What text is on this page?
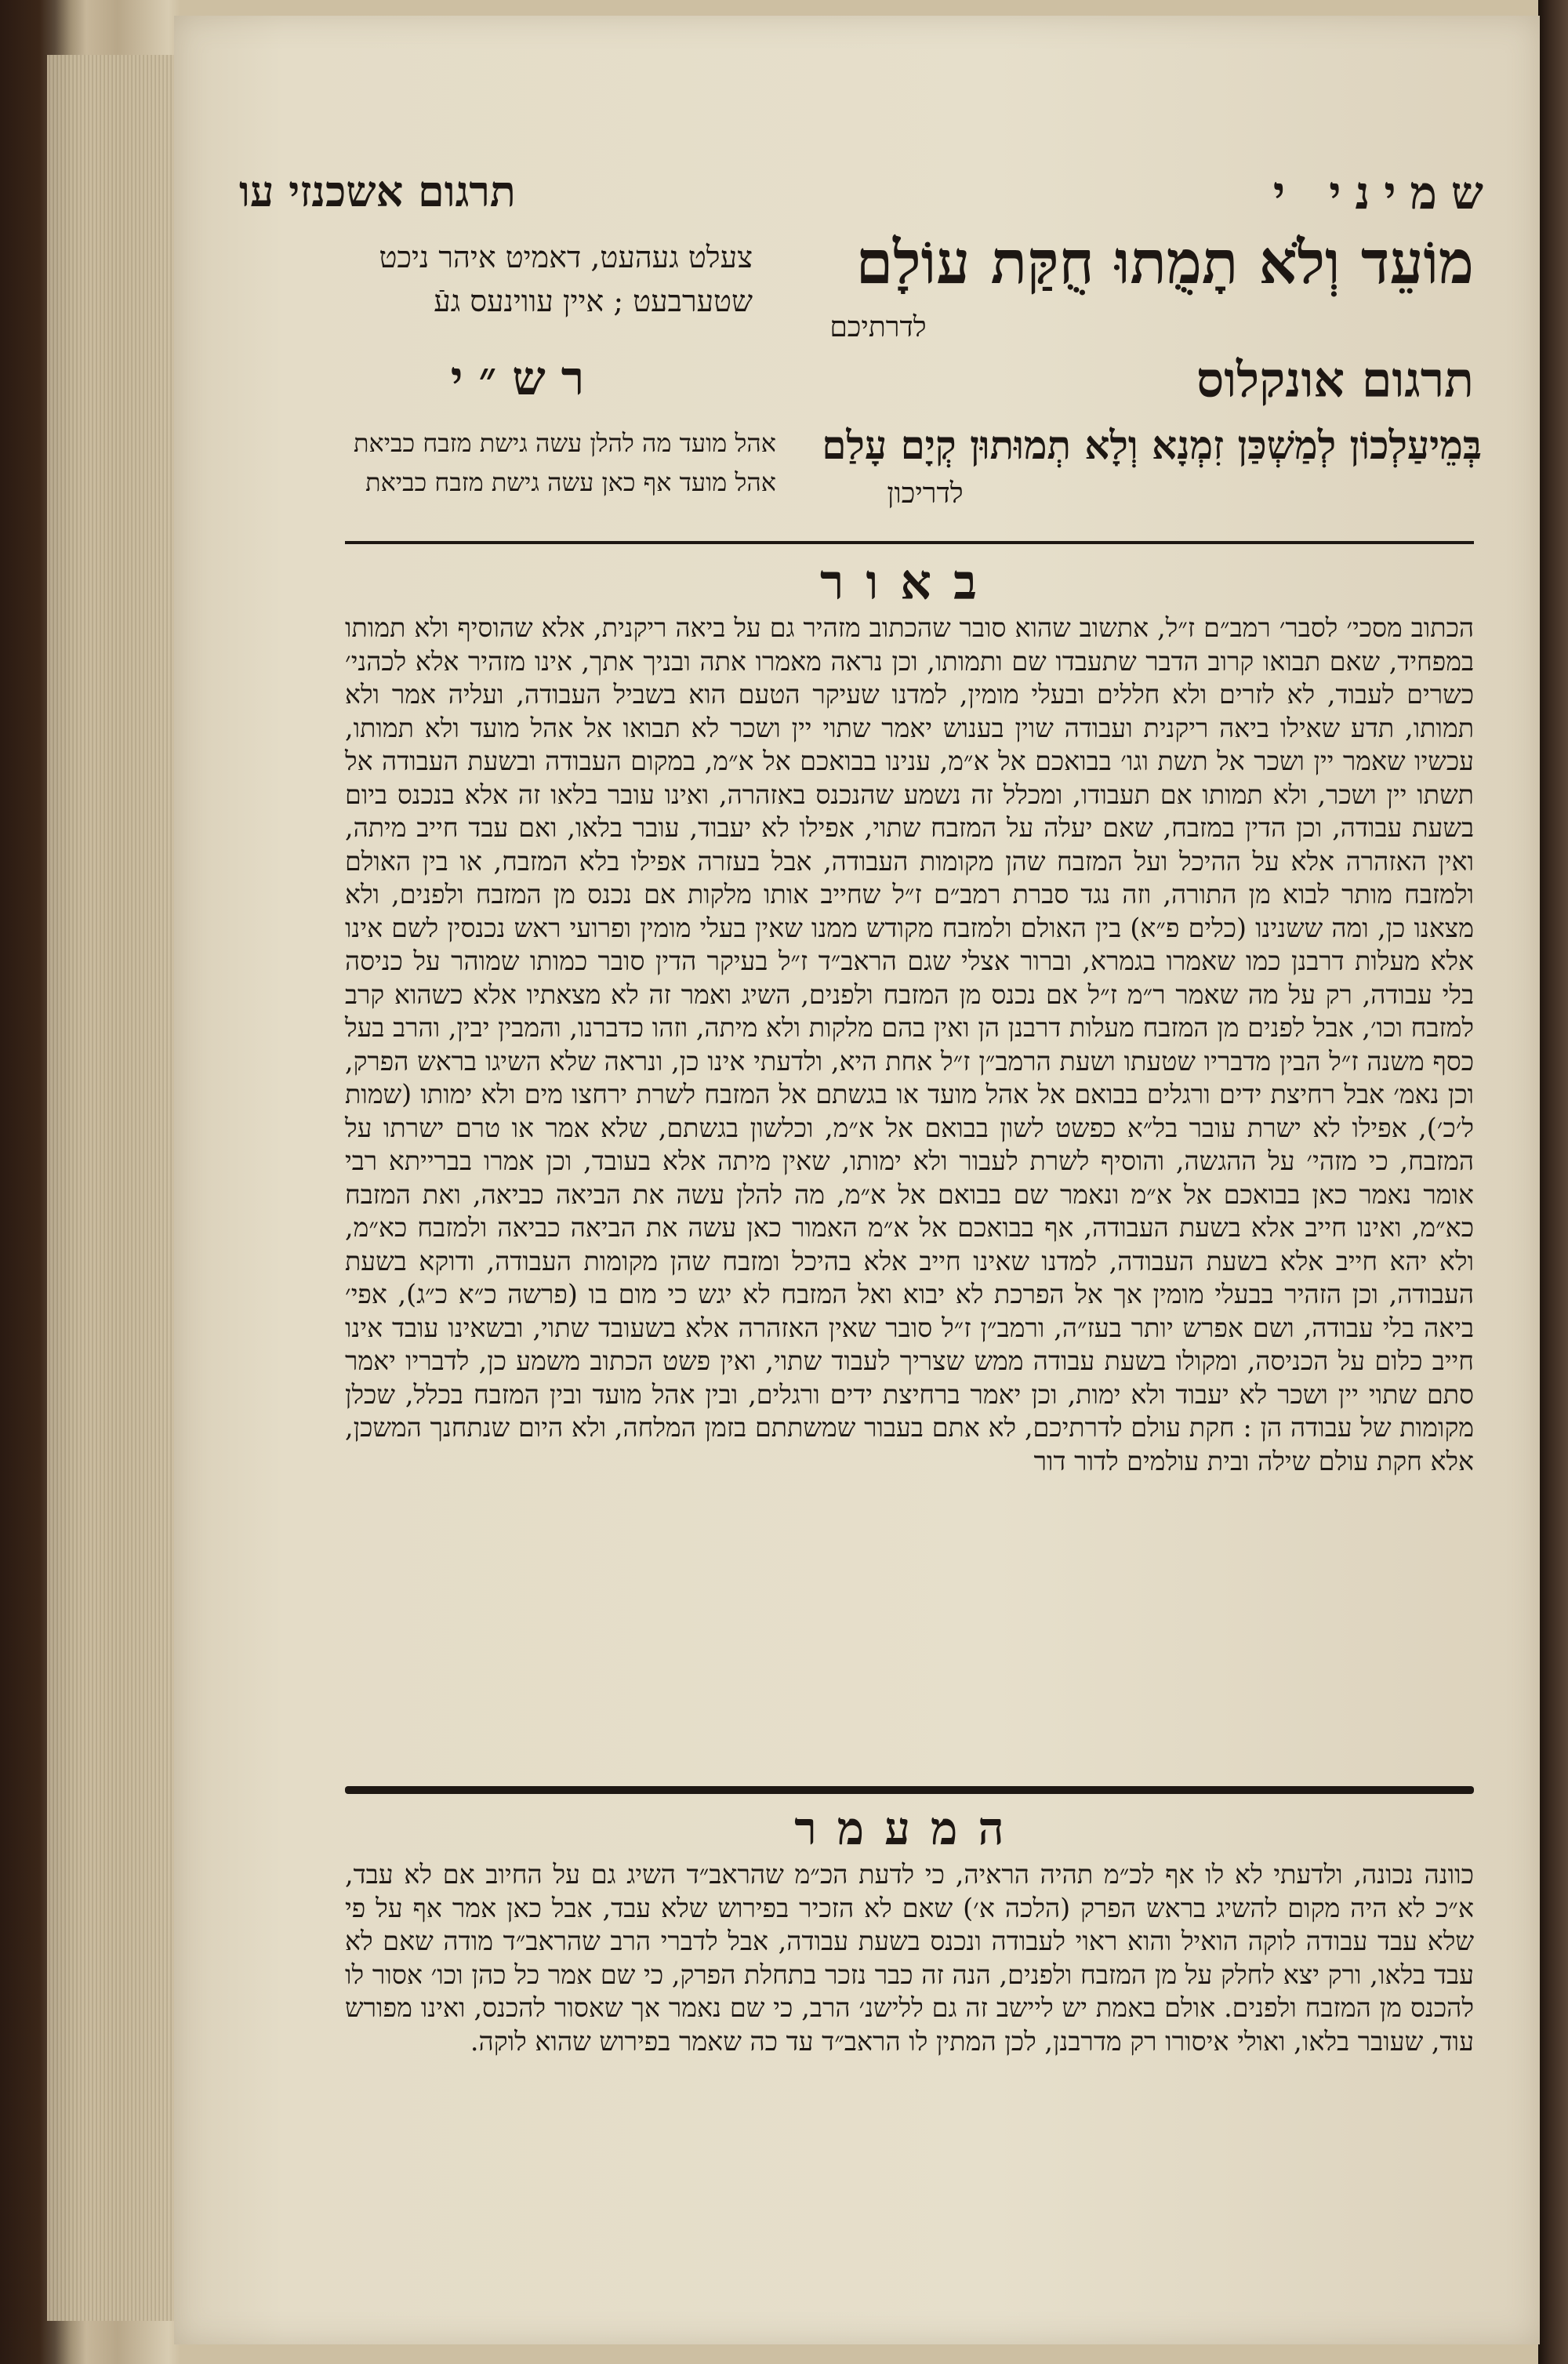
שמיני י
תרגום אשכנזי עו
מוֹעֵד וְלֹא תָמֻתוּ חֻקַּת עוֹלָם
לדרתיכם
צעלט געהעט, דאמיט איהר ניכט שטערבעט ; איין עווינעס געֿ
תרגום אונקלוס
רש״י
בְּמֵיעַלְכוֹן לְמַשְׁכַּן זִמְנָא וְלָא תְמוּתוּן קְיָם עָלַם
לדריכון
אהל מועד מה להלן עשה גישת מזבח כביאת אהל מועד אף כאן עשה גישת מזבח כביאת
באור
הכתוב מסכי׳ לסבר׳ רמב״ם ז״ל, אתשוב שהוא סובר שהכתוב מזהיר גם על ביאה ריקנית, אלא שהוסיף ולא תמותו במפחיד, שאם תבואו קרוב הדבר שתעבדו שם ותמותו, וכן נראה מאמרו אתה ובניך אתך, אינו מזהיר אלא לכהני׳ כשרים לעבוד, לא לזרים ולא חללים ובעלי מומין, למדנו שעיקר הטעם הוא בשביל העבודה, ועליה אמר ולא תמותו, תדע שאילו ביאה ריקנית ועבודה שוין בענוש יאמר שתוי יין ושכר לא תבואו אל אהל מועד ולא תמותו, עכשיו שאמר יין ושכר אל תשת וגו׳ בבואכם אל א״מ, ענינו בבואכם אל א״מ, במקום העבודה ובשעת העבודה אל תשתו יין ושכר, ולא תמותו אם תעבודו, ומכלל זה נשמע שהנכנס באזהרה, ואינו עובר בלאו זה אלא בנכנס ביום בשעת עבודה, וכן הדין במזבח, שאם יעלה על המזבח שתוי, אפילו לא יעבוד, עובר בלאו, ואם עבד חייב מיתה, ואין האזהרה אלא על ההיכל ועל המזבח שהן מקומות העבודה, אבל בעזרה אפילו בלא המזבח, או בין האולם ולמזבח מותר לבוא מן התורה, וזה נגד סברת רמב״ם ז״ל שחייב אותו מלקות אם נכנס מן המזבח ולפנים, ולא מצאנו כן, ומה ששנינו (כלים פ״א) בין האולם ולמזבח מקודש ממנו שאין בעלי מומין ופרועי ראש נכנסין לשם אינו אלא מעלות דרבנן כמו שאמרו בגמרא, וברור אצלי שגם הראב״ד ז״ל בעיקר הדין סובר כמותו שמוהר על כניסה בלי עבודה, רק על מה שאמר ר״מ ז״ל אם נכנס מן המזבח ולפנים, השיג ואמר זה לא מצאתיו אלא כשהוא קרב למזבח וכו׳, אבל לפנים מן המזבח מעלות דרבנן הן ואין בהם מלקות ולא מיתה, וזהו כדברנו, והמבין יבין, והרב בעל כסף משנה ז״ל הבין מדבריו שטעתו ושעת הרמב״ן ז״ל אחת היא, ולדעתי אינו כן, ונראה שלא השיגו בראש הפרק, וכן נאמ׳ אבל רחיצת ידים ורגלים בבואם אל אהל מועד או בגשתם אל המזבח לשרת ירחצו מים ולא ימותו (שמות ל׳כ׳), אפילו לא ישרת עובר בל״א כפשט לשון בבואם אל א״מ, וכלשון בגשתם, שלא אמר או טרם ישרתו על המזבח, כי מזהי׳ על ההגשה, והוסיף לשרת לעבור ולא ימותו, שאין מיתה אלא בעובד, וכן אמרו בברייתא רבי אומר נאמר כאן בבואכם אל א״מ ונאמר שם בבואם אל א״מ, מה להלן עשה את הביאה כביאה, ואת המזבח כא״מ, ואינו חייב אלא בשעת העבודה, אף בבואכם אל א״מ האמור כאן עשה את הביאה כביאה ולמזבח כא״מ, ולא יהא חייב אלא בשעת העבודה, למדנו שאינו חייב אלא בהיכל ומזבח שהן מקומות העבודה, ודוקא בשעת העבודה, וכן הזהיר בבעלי מומין אך אל הפרכת לא יבוא ואל המזבח לא יגש כי מום בו (פרשה כ״א כ״ג), אפי׳ ביאה בלי עבודה, ושם אפרש יותר בעז״ה, ורמב״ן ז״ל סובר שאין האזהרה אלא בשעובד שתוי, ובשאינו עובד אינו חייב כלום על הכניסה, ומקולו בשעת עבודה ממש שצריך לעבוד שתוי, ואין פשט הכתוב משמע כן, לדבריו יאמר סתם שתוי יין ושכר לא יעבוד ולא ימות, וכן יאמר ברחיצת ידים ורגלים, ובין אהל מועד ובין המזבח בכלל, שכלן מקומות של עבודה הן : חקת עולם לדרתיכם, לא אתם בעבור שמשתתם בזמן המלחה, ולא היום שנתחנך המשכן, אלא חקת עולם שילה ובית עולמים לדור דור
המעמר
כוונה נכונה, ולדעתי לא לו אף לכ״מ תהיה הראיה, כי לדעת הכ״מ שהראב״ד השיג גם על החיוב אם לא עבד, א״כ לא היה מקום להשיג בראש הפרק (הלכה א׳) שאם לא הזכיר בפירוש שלא עבד, אבל כאן אמר אף על פי שלא עבד עבודה לוקה הואיל והוא ראוי לעבודה ונכנס בשעת עבודה, אבל לדברי הרב שהראב״ד מודה שאם לא עבד בלאו, ורק יצא לחלק על מן המזבח ולפנים, הנה זה כבר נזכר בתחלת הפרק, כי שם אמר כל כהן וכו׳ אסור לו להכנס מן המזבח ולפנים. אולם באמת יש ליישב זה גם ללישנ׳ הרב, כי שם נאמר אך שאסור להכנס, ואינו מפורש עוד, שעובר בלאו, ואולי איסורו רק מדרבנן, לכן המתין לו הראב״ד עד כה שאמר בפירוש שהוא לוקה.
